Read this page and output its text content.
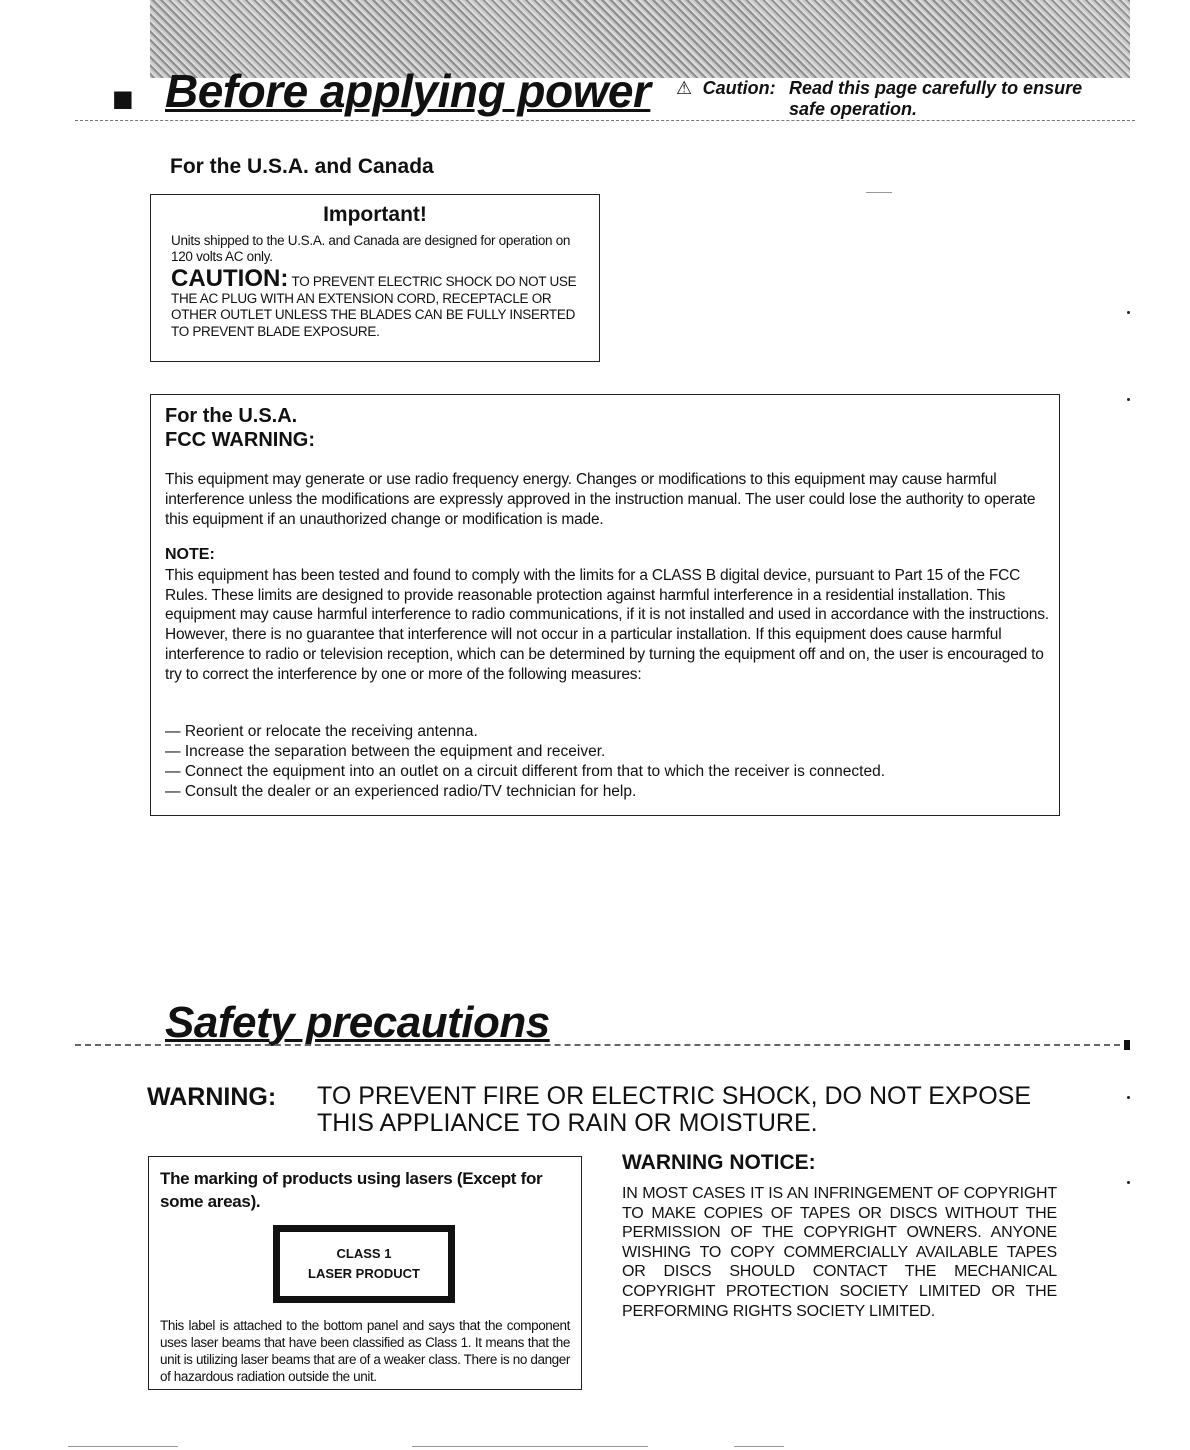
■ Before applying power ⚠ Caution: Read this page carefully to ensure safe operation.
For the U.S.A. and Canada
Important!
Units shipped to the U.S.A. and Canada are designed for operation on 120 volts AC only.
CAUTION: TO PREVENT ELECTRIC SHOCK DO NOT USE THE AC PLUG WITH AN EXTENSION CORD, RECEPTACLE OR OTHER OUTLET UNLESS THE BLADES CAN BE FULLY INSERTED TO PREVENT BLADE EXPOSURE.
For the U.S.A.
FCC WARNING:
This equipment may generate or use radio frequency energy. Changes or modifications to this equipment may cause harmful interference unless the modifications are expressly approved in the instruction manual. The user could lose the authority to operate this equipment if an unauthorized change or modification is made.
NOTE:
This equipment has been tested and found to comply with the limits for a CLASS B digital device, pursuant to Part 15 of the FCC Rules. These limits are designed to provide reasonable protection against harmful interference in a residential installation. This equipment may cause harmful interference to radio communications, if it is not installed and used in accordance with the instructions. However, there is no guarantee that interference will not occur in a particular installation. If this equipment does cause harmful interference to radio or television reception, which can be determined by turning the equipment off and on, the user is encouraged to try to correct the interference by one or more of the following measures:
— Reorient or relocate the receiving antenna.
— Increase the separation between the equipment and receiver.
— Connect the equipment into an outlet on a circuit different from that to which the receiver is connected.
— Consult the dealer or an experienced radio/TV technician for help.
Safety precautions
WARNING: TO PREVENT FIRE OR ELECTRIC SHOCK, DO NOT EXPOSE THIS APPLIANCE TO RAIN OR MOISTURE.
The marking of products using lasers (Except for some areas).
CLASS 1
LASER PRODUCT
This label is attached to the bottom panel and says that the component uses laser beams that have been classified as Class 1. It means that the unit is utilizing laser beams that are of a weaker class. There is no danger of hazardous radiation outside the unit.
WARNING NOTICE:
IN MOST CASES IT IS AN INFRINGEMENT OF COPYRIGHT TO MAKE COPIES OF TAPES OR DISCS WITHOUT THE PERMISSION OF THE COPYRIGHT OWNERS. ANYONE WISHING TO COPY COMMERCIALLY AVAILABLE TAPES OR DISCS SHOULD CONTACT THE MECHANICAL COPYRIGHT PROTECTION SOCIETY LIMITED OR THE PERFORMING RIGHTS SOCIETY LIMITED.
